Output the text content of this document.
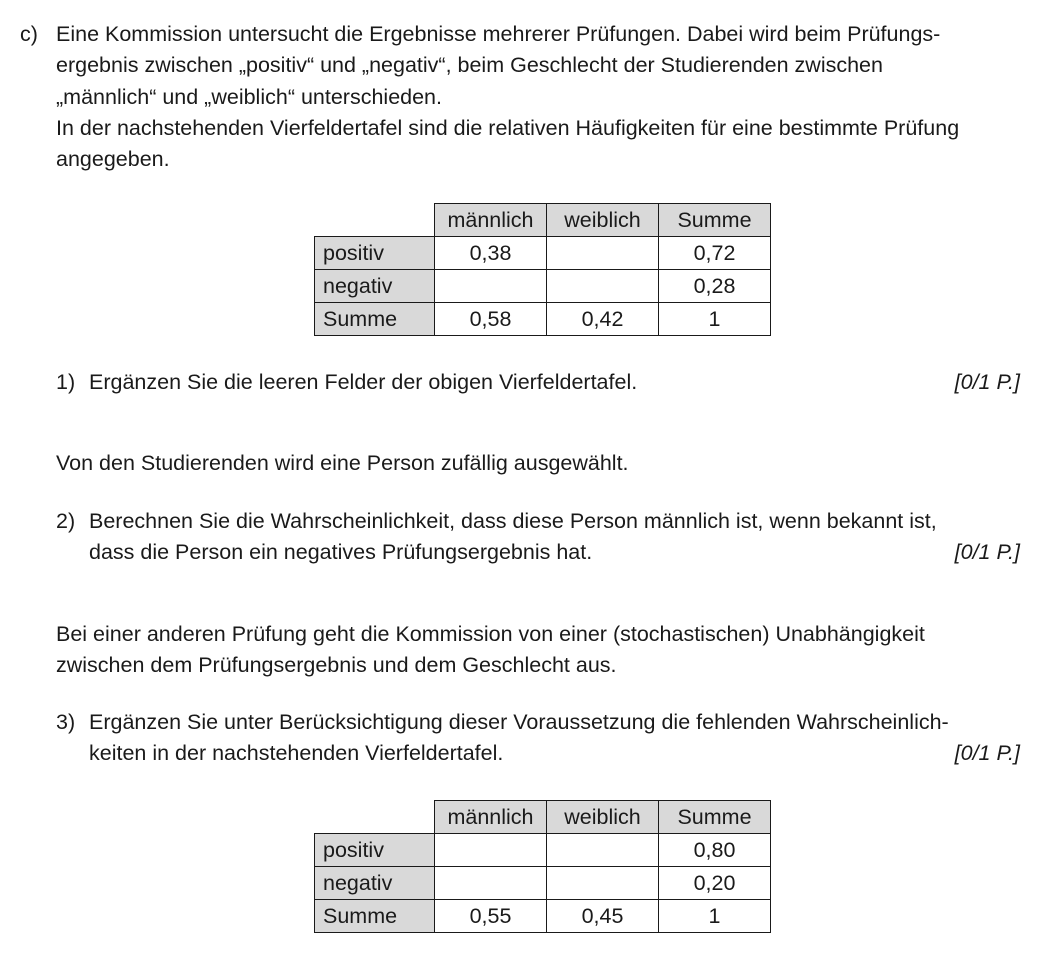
c) Eine Kommission untersucht die Ergebnisse mehrerer Prüfungen. Dabei wird beim Prüfungs-
ergebnis zwischen „positiv“ und „negativ“, beim Geschlecht der Studierenden zwischen
„männlich“ und „weiblich“ unterschieden.
In der nachstehenden Vierfeldertafel sind die relativen Häufigkeiten für eine bestimmte Prüfung
angegeben.
	männlich	weiblich	Summe
positiv	0,38		0,72
negativ			0,28
Summe	0,58	0,42	1
1) Ergänzen Sie die leeren Felder der obigen Vierfeldertafel.	[0/1 P.]
Von den Studierenden wird eine Person zufällig ausgewählt.
2) Berechnen Sie die Wahrscheinlichkeit, dass diese Person männlich ist, wenn bekannt ist,
dass die Person ein negatives Prüfungsergebnis hat.	[0/1 P.]
Bei einer anderen Prüfung geht die Kommission von einer (stochastischen) Unabhängigkeit
zwischen dem Prüfungsergebnis und dem Geschlecht aus.
3) Ergänzen Sie unter Berücksichtigung dieser Voraussetzung die fehlenden Wahrscheinlich-
keiten in der nachstehenden Vierfeldertafel.	[0/1 P.]
	männlich	weiblich	Summe
positiv			0,80
negativ			0,20
Summe	0,55	0,45	1
